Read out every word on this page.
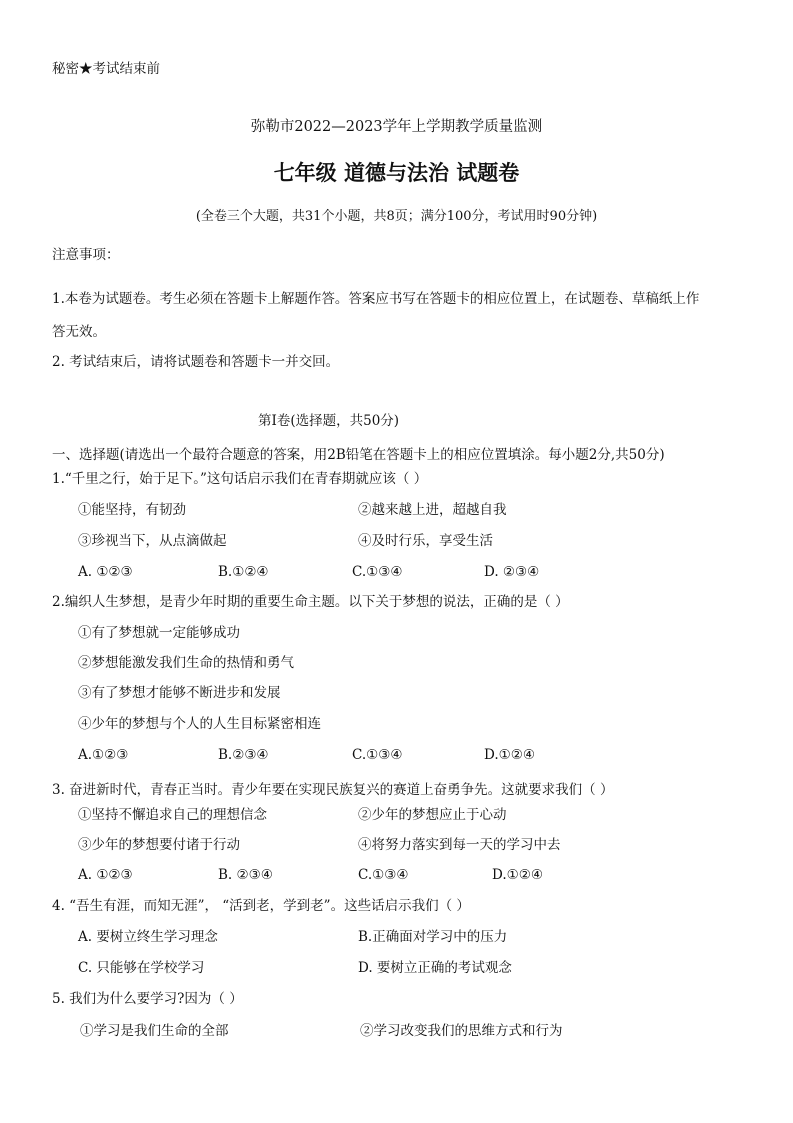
秘密★考试结束前
弥勒市2022—2023学年上学期教学质量监测
七年级 道德与法治 试题卷
(全卷三个大题，共31个小题，共8页；满分100分，考试用时90分钟)
注意事项：
1.本卷为试题卷。考生必须在答题卡上解题作答。答案应书写在答题卡的相应位置上，在试题卷、草稿纸上作
答无效。
2. 考试结束后，请将试题卷和答题卡一并交回。
第Ⅰ卷(选择题，共50分)
一、选择题(请选出一个最符合题意的答案，用2B铅笔在答题卡上的相应位置填涂。每小题2分,共50分)
1.“千里之行，始于足下。”这句话启示我们在青春期就应该（ ）
①能坚持，有韧劲	②越来越上进，超越自我
③珍视当下，从点滴做起	④及时行乐，享受生活
A. ①②③	B.①②④	C.①③④	D. ②③④
2.编织人生梦想，是青少年时期的重要生命主题。以下关于梦想的说法，正确的是（ ）
①有了梦想就一定能够成功
②梦想能激发我们生命的热情和勇气
③有了梦想才能够不断进步和发展
④少年的梦想与个人的人生目标紧密相连
A.①②③	B.②③④	C.①③④	D.①②④
3. 奋进新时代，青春正当时。青少年要在实现民族复兴的赛道上奋勇争先。这就要求我们（ ）
①坚持不懈追求自己的理想信念	②少年的梦想应止于心动
③少年的梦想要付诸于行动	④将努力落实到每一天的学习中去
A. ①②③	B. ②③④	C.①③④	D.①②④
4. “吾生有涯，而知无涯”， “活到老，学到老”。这些话启示我们（ ）
A. 要树立终生学习理念	B.正确面对学习中的压力
C. 只能够在学校学习	D. 要树立正确的考试观念
5. 我们为什么要学习?因为（ ）
①学习是我们生命的全部	②学习改变我们的思维方式和行为
